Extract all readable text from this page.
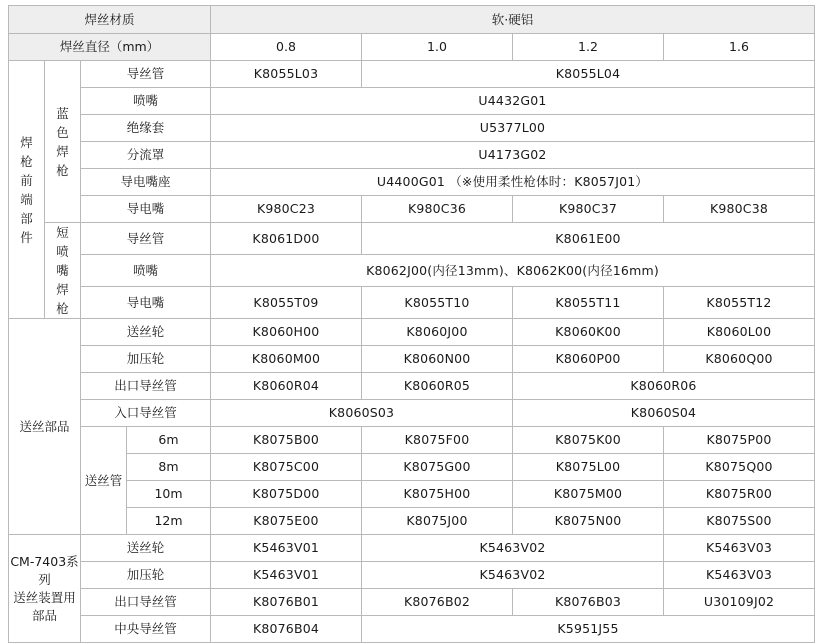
焊丝材质				软·硬铝			
焊丝直径（mm）				0.8	1.0	1.2	1.6
焊枪前端部件	蓝色焊枪	导丝管		K8055L03	K8055L04		
		喷嘴		U4432G01			
		绝缘套		U5377L00			
		分流罩		U4173G02			
		导电嘴座		U4400G01 （※使用柔性枪体时：K8057J01）			
		导电嘴		K980C23	K980C36	K980C37	K980C38
	短喷嘴焊枪	导丝管		K8061D00	K8061E00		
		喷嘴		K8062J00(内径13mm)、K8062K00(内径16mm)			
		导电嘴		K8055T09	K8055T10	K8055T11	K8055T12
送丝部品		送丝轮		K8060H00	K8060J00	K8060K00	K8060L00
		加压轮		K8060M00	K8060N00	K8060P00	K8060Q00
		出口导丝管		K8060R04	K8060R05	K8060R06	
		入口导丝管		K8060S03		K8060S04	
		送丝管	6m	K8075B00	K8075F00	K8075K00	K8075P00
			8m	K8075C00	K8075G00	K8075L00	K8075Q00
			10m	K8075D00	K8075H00	K8075M00	K8075R00
			12m	K8075E00	K8075J00	K8075N00	K8075S00

CM-7403系列
送丝装置用部品		送丝轮		K5463V01	K5463V02		K5463V03
		加压轮		K5463V01	K5463V02		K5463V03
		出口导丝管		K8076B01	K8076B02	K8076B03	U30109J02
		中央导丝管		K8076B04	K5951J55		
